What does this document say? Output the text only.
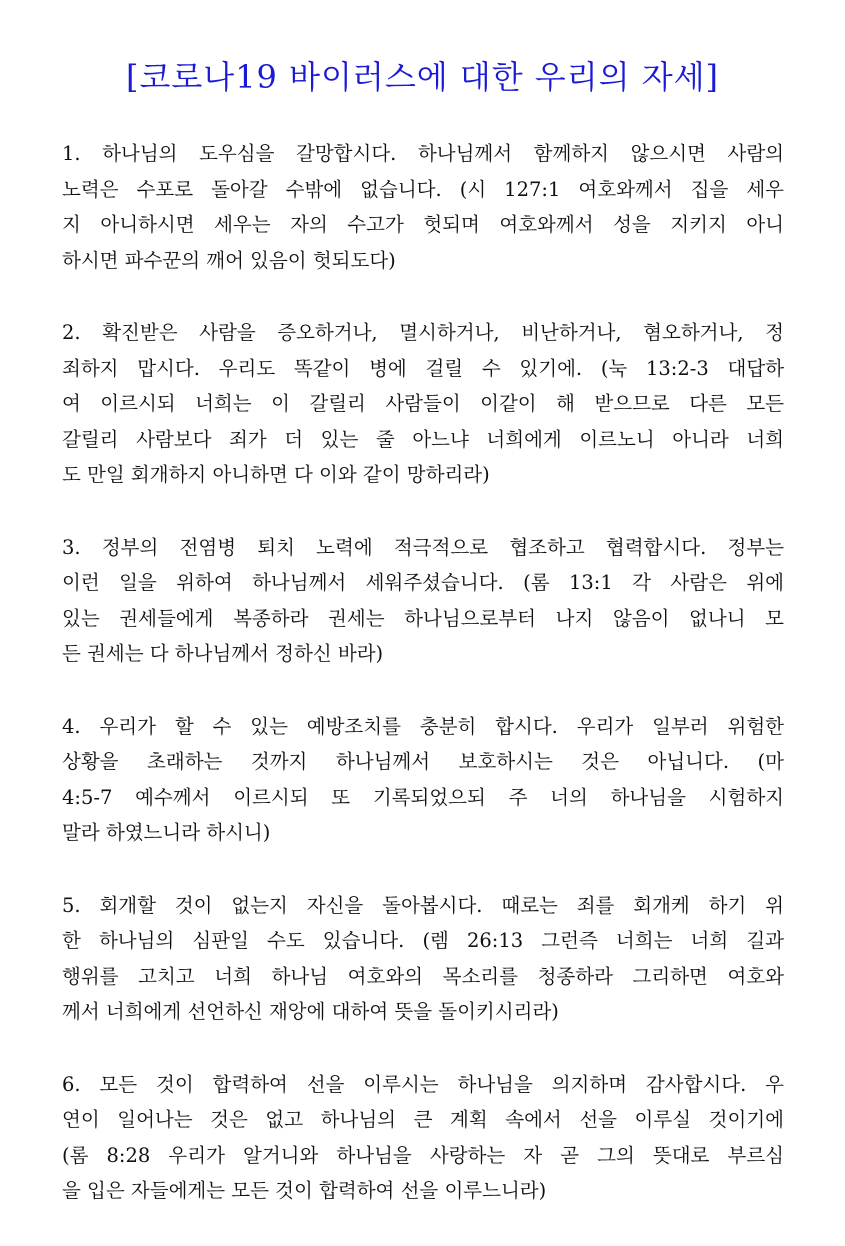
[코로나19 바이러스에 대한 우리의 자세]
1. 하나님의 도우심을 갈망합시다. 하나님께서 함께하지 않으시면 사람의
노력은 수포로 돌아갈 수밖에 없습니다. (시 127:1 여호와께서 집을 세우
지 아니하시면 세우는 자의 수고가 헛되며 여호와께서 성을 지키지 아니
하시면 파수꾼의 깨어 있음이 헛되도다)
2. 확진받은 사람을 증오하거나, 멸시하거나, 비난하거나, 혐오하거나, 정
죄하지 맙시다. 우리도 똑같이 병에 걸릴 수 있기에. (눅 13:2-3 대답하
여 이르시되 너희는 이 갈릴리 사람들이 이같이 해 받으므로 다른 모든
갈릴리 사람보다 죄가 더 있는 줄 아느냐 너희에게 이르노니 아니라 너희
도 만일 회개하지 아니하면 다 이와 같이 망하리라)
3. 정부의 전염병 퇴치 노력에 적극적으로 협조하고 협력합시다. 정부는
이런 일을 위하여 하나님께서 세워주셨습니다. (롬 13:1 각 사람은 위에
있는 권세들에게 복종하라 권세는 하나님으로부터 나지 않음이 없나니 모
든 권세는 다 하나님께서 정하신 바라)
4. 우리가 할 수 있는 예방조치를 충분히 합시다. 우리가 일부러 위험한
상황을 초래하는 것까지 하나님께서 보호하시는 것은 아닙니다. (마
4:5-7 예수께서 이르시되 또 기록되었으되 주 너의 하나님을 시험하지
말라 하였느니라 하시니)
5. 회개할 것이 없는지 자신을 돌아봅시다. 때로는 죄를 회개케 하기 위
한 하나님의 심판일 수도 있습니다. (렘 26:13 그런즉 너희는 너희 길과
행위를 고치고 너희 하나님 여호와의 목소리를 청종하라 그리하면 여호와
께서 너희에게 선언하신 재앙에 대하여 뜻을 돌이키시리라)
6. 모든 것이 합력하여 선을 이루시는 하나님을 의지하며 감사합시다. 우
연이 일어나는 것은 없고 하나님의 큰 계획 속에서 선을 이루실 것이기에
(롬 8:28 우리가 알거니와 하나님을 사랑하는 자 곧 그의 뜻대로 부르심
을 입은 자들에게는 모든 것이 합력하여 선을 이루느니라)
